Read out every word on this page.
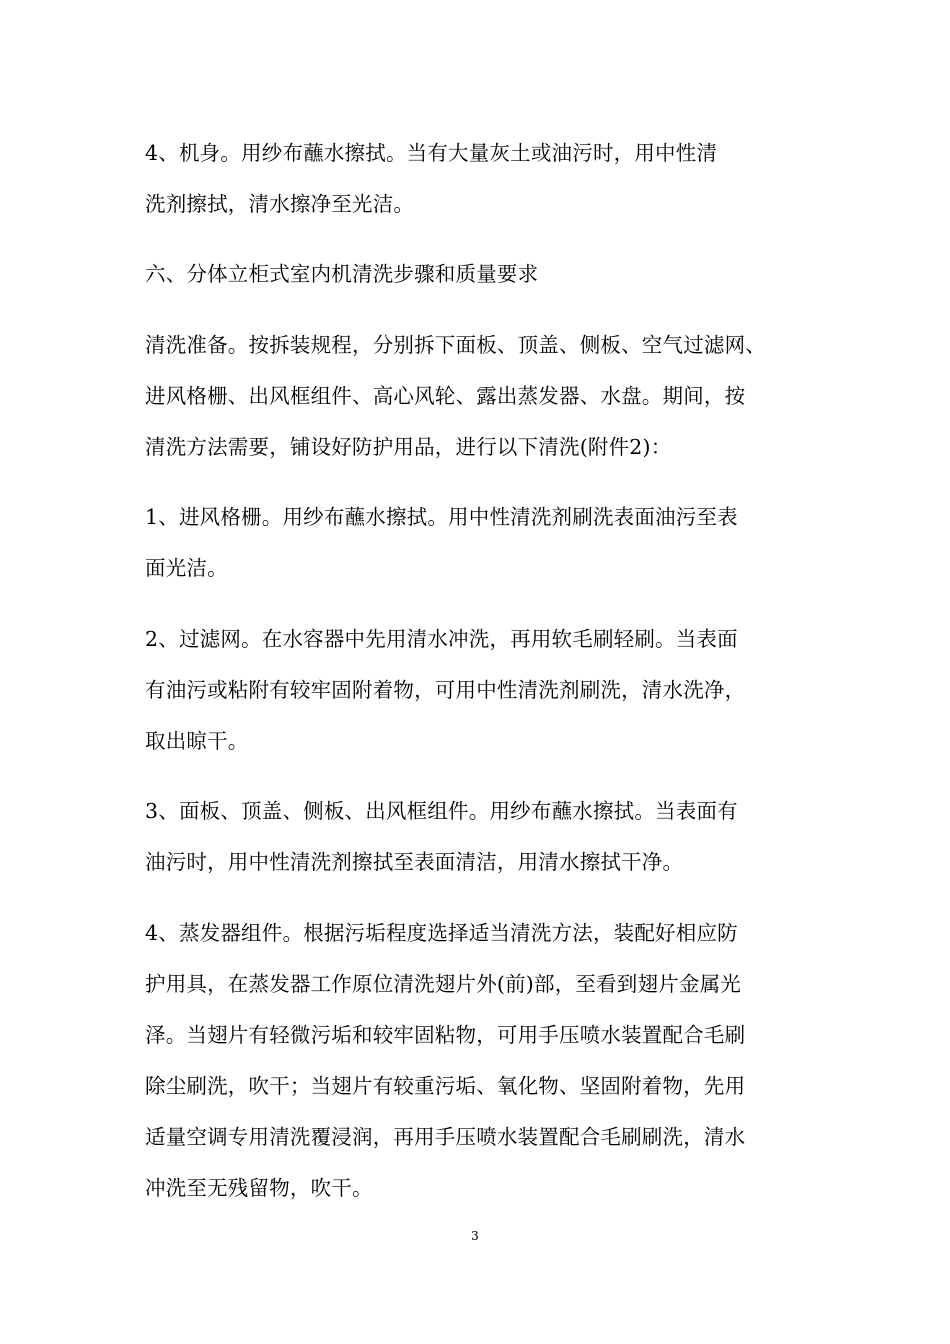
4、机身。用纱布蘸水擦拭。当有大量灰土或油污时，用中性清
洗剂擦拭，清水擦净至光洁。
六、分体立柜式室内机清洗步骤和质量要求
清洗准备。按拆装规程，分别拆下面板、顶盖、侧板、空气过滤网、
进风格栅、出风框组件、高心风轮、露出蒸发器、水盘。期间，按
清洗方法需要，铺设好防护用品，进行以下清洗(附件2)：
1、进风格栅。用纱布蘸水擦拭。用中性清洗剂刷洗表面油污至表
面光洁。
2、过滤网。在水容器中先用清水冲洗，再用软毛刷轻刷。当表面
有油污或粘附有较牢固附着物，可用中性清洗剂刷洗，清水洗净，
取出晾干。
3、面板、顶盖、侧板、出风框组件。用纱布蘸水擦拭。当表面有
油污时，用中性清洗剂擦拭至表面清洁，用清水擦拭干净。
4、蒸发器组件。根据污垢程度选择适当清洗方法，装配好相应防
护用具，在蒸发器工作原位清洗翅片外(前)部，至看到翅片金属光
泽。当翅片有轻微污垢和较牢固粘物，可用手压喷水装置配合毛刷
除尘刷洗，吹干；当翅片有较重污垢、氧化物、坚固附着物，先用
适量空调专用清洗覆浸润，再用手压喷水装置配合毛刷刷洗，清水
冲洗至无残留物，吹干。
3
